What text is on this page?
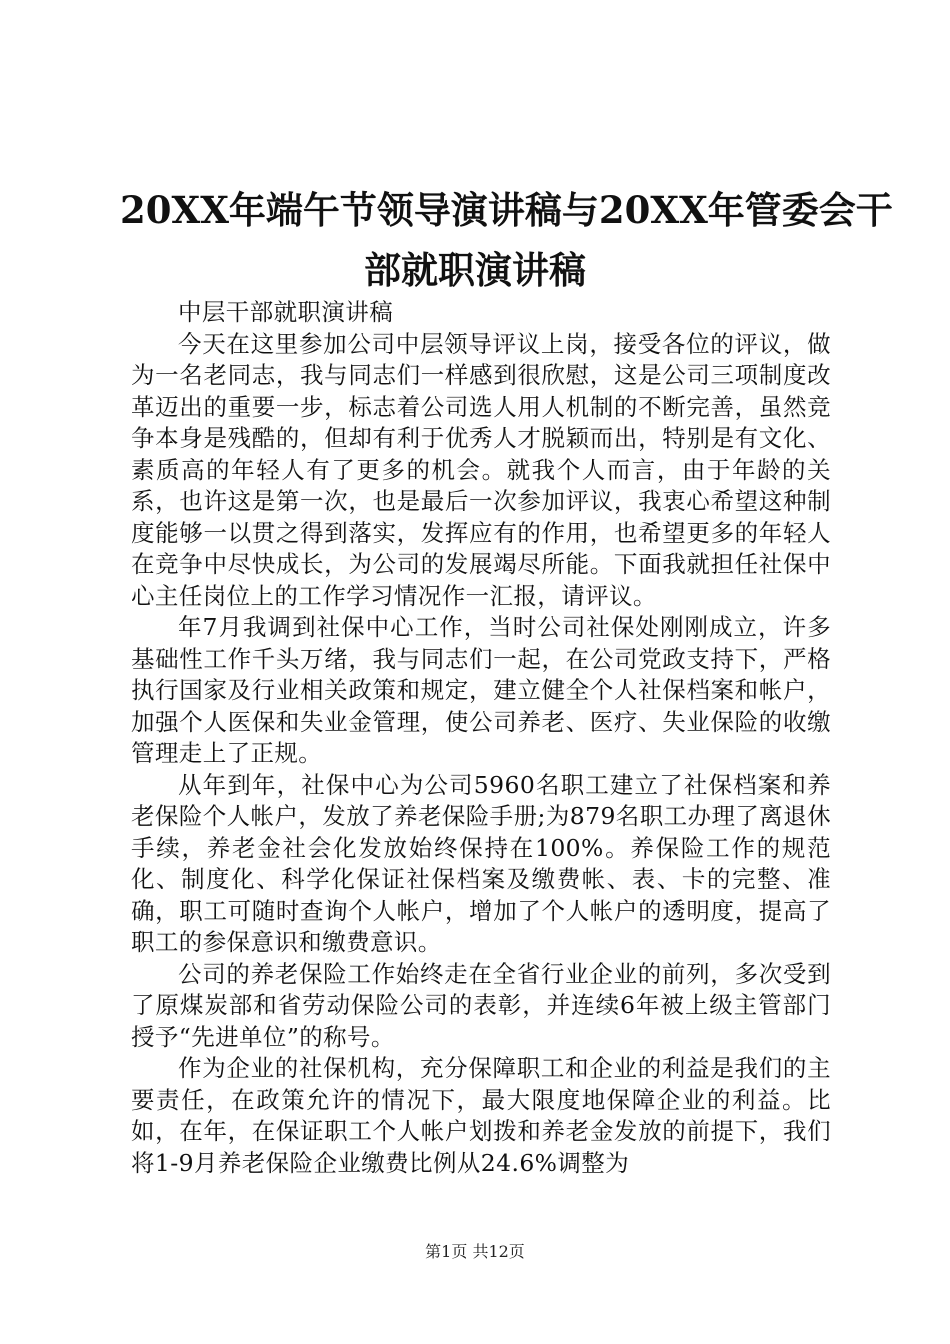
20XX年端午节领导演讲稿与20XX年管委会干
部就职演讲稿

中层干部就职演讲稿

今天在这里参加公司中层领导评议上岗，接受各位的评议，做为一名老同志，我与同志们一样感到很欣慰，这是公司三项制度改革迈出的重要一步，标志着公司选人用人机制的不断完善，虽然竞争本身是残酷的，但却有利于优秀人才脱颖而出，特别是有文化、素质高的年轻人有了更多的机会。就我个人而言，由于年龄的关系，也许这是第一次，也是最后一次参加评议，我衷心希望这种制度能够一以贯之得到落实，发挥应有的作用，也希望更多的年轻人在竞争中尽快成长，为公司的发展竭尽所能。下面我就担任社保中心主任岗位上的工作学习情况作一汇报，请评议。

年7月我调到社保中心工作，当时公司社保处刚刚成立，许多基础性工作千头万绪，我与同志们一起，在公司党政支持下，严格执行国家及行业相关政策和规定，建立健全个人社保档案和帐户，加强个人医保和失业金管理，使公司养老、医疗、失业保险的收缴管理走上了正规。

从年到年，社保中心为公司5960名职工建立了社保档案和养老保险个人帐户，发放了养老保险手册;为879名职工办理了离退休手续，养老金社会化发放始终保持在100%。养保险工作的规范化、制度化、科学化保证社保档案及缴费帐、表、卡的完整、准确，职工可随时查询个人帐户，增加了个人帐户的透明度，提高了职工的参保意识和缴费意识。

公司的养老保险工作始终走在全省行业企业的前列，多次受到了原煤炭部和省劳动保险公司的表彰，并连续6年被上级主管部门授予“先进单位”的称号。

作为企业的社保机构，充分保障职工和企业的利益是我们的主要责任，在政策允许的情况下，最大限度地保障企业的利益。比如，在年，在保证职工个人帐户划拨和养老金发放的前提下，我们将1-9月养老保险企业缴费比例从24.6%调整为

第1页 共12页
